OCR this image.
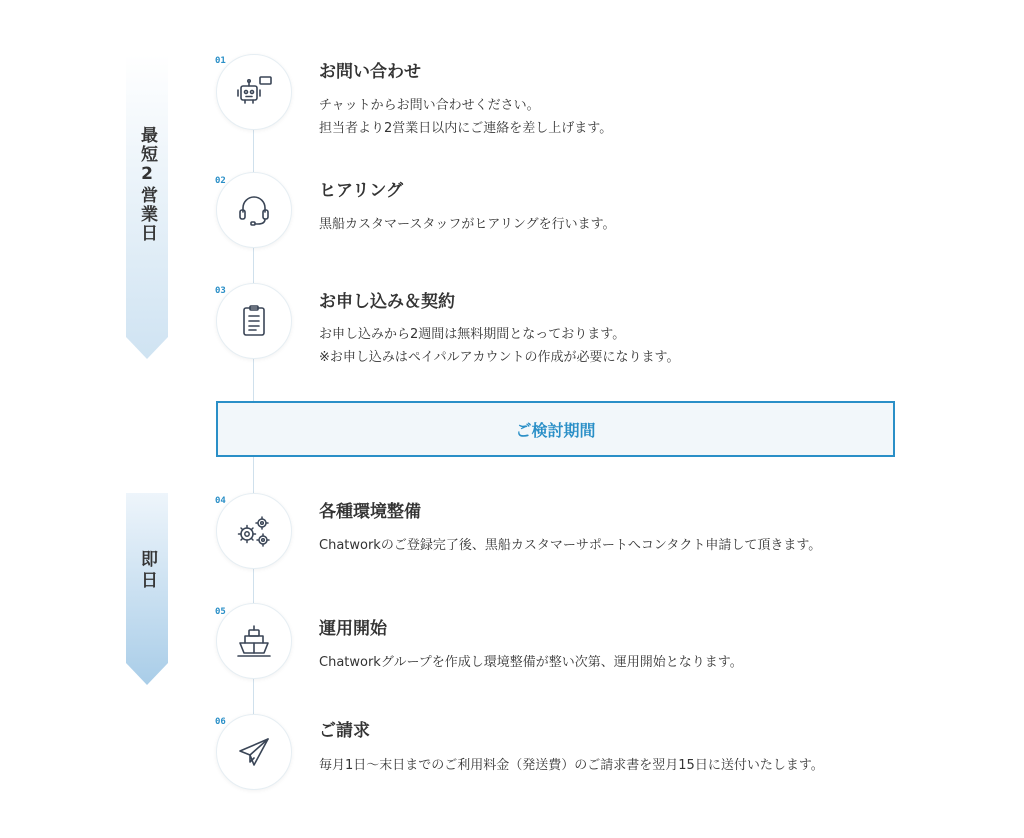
最短2営業日
即日
ご検討期間
01
お問い合わせ
チャットからお問い合わせください。
担当者より2営業日以内にご連絡を差し上げます。
02	ヒアリング
黒船カスタマースタッフがヒアリングを行います。
03
お申し込み＆契約
お申し込みから2週間は無料期間となっております。
※お申し込みはペイパルアカウントの作成が必要になります。
04
各種環境整備
Chatworkのご登録完了後、黒船カスタマーサポートへコンタクト申請して頂きます。
05
運用開始
Chatworkグループを作成し環境整備が整い次第、運用開始となります。
06	ご請求
毎月1日〜末日までのご利用料金（発送費）のご請求書を翌月15日に送付いたします。
